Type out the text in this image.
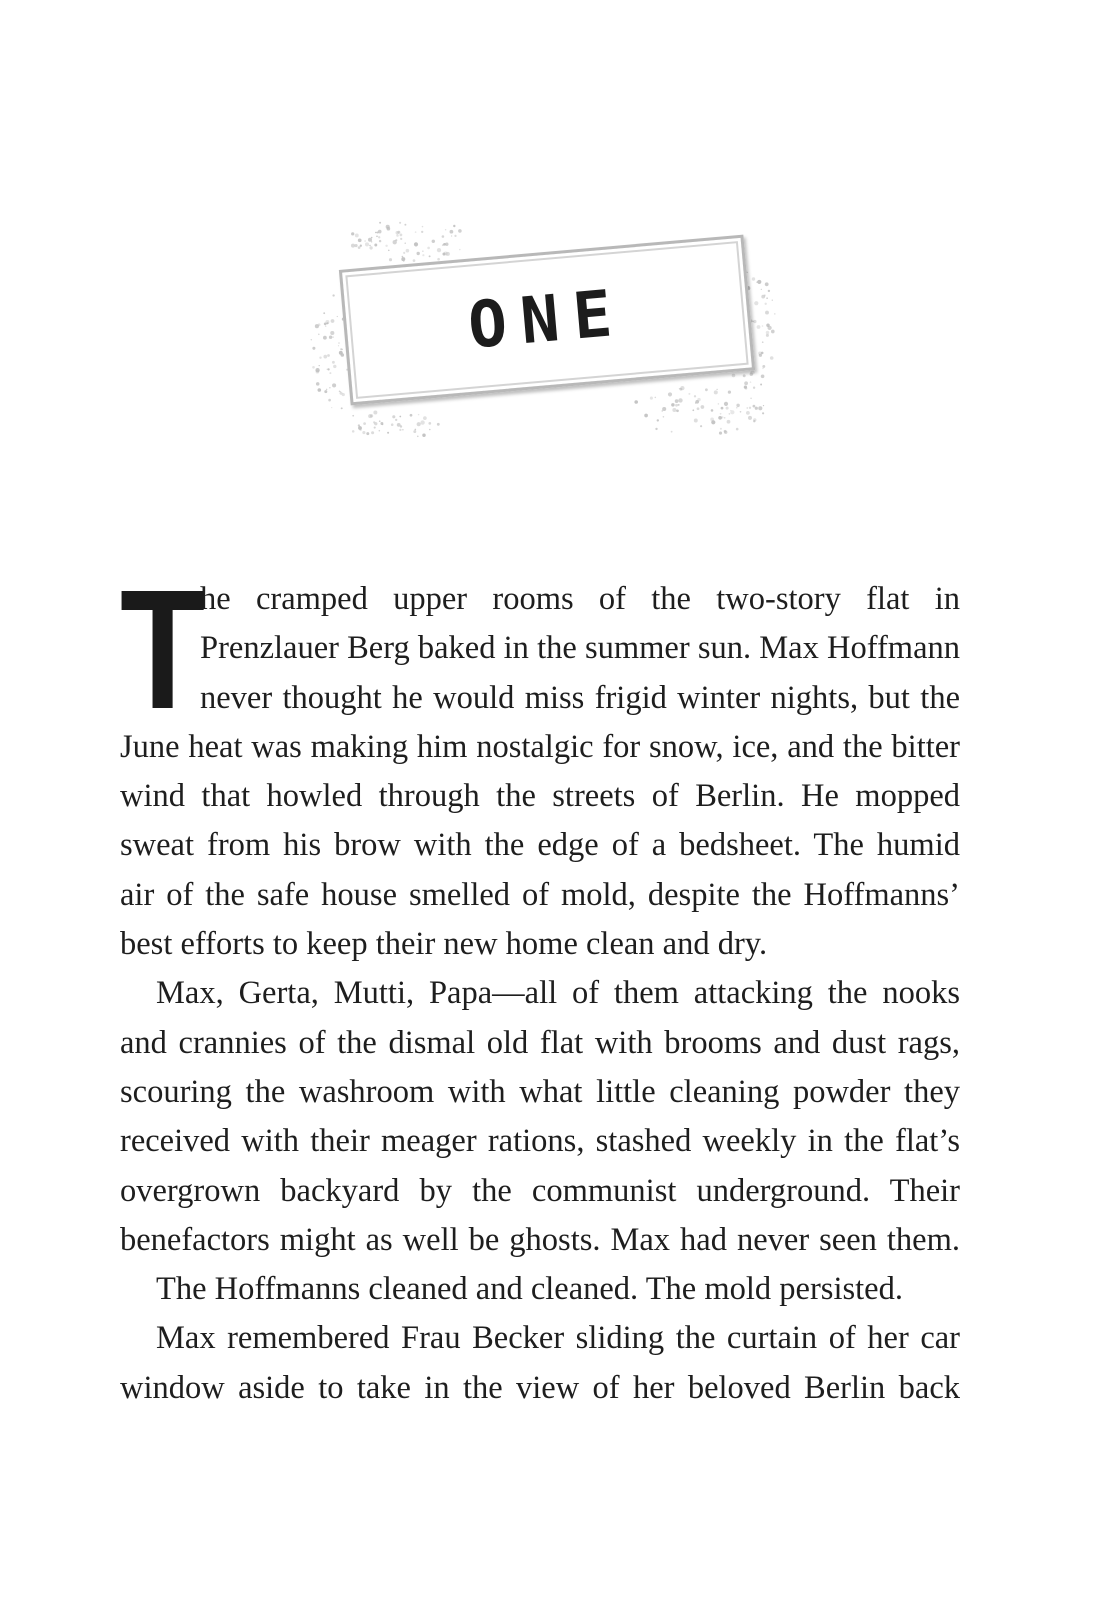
ONE
T
he cramped upper rooms of the two-story flat in
Prenzlauer Berg baked in the summer sun. Max Hoffmann
never thought he would miss frigid winter nights, but the
June heat was making him nostalgic for snow, ice, and the bitter
wind that howled through the streets of Berlin. He mopped
sweat from his brow with the edge of a bedsheet. The humid
air of the safe house smelled of mold, despite the Hoffmanns’
best efforts to keep their new home clean and dry.
Max, Gerta, Mutti, Papa—all of them attacking the nooks
and crannies of the dismal old flat with brooms and dust rags,
scouring the washroom with what little cleaning powder they
received with their meager rations, stashed weekly in the flat’s
overgrown backyard by the communist underground. Their
benefactors might as well be ghosts. Max had never seen them.
The Hoffmanns cleaned and cleaned. The mold persisted.
Max remembered Frau Becker sliding the curtain of her car
window aside to take in the view of her beloved Berlin back
